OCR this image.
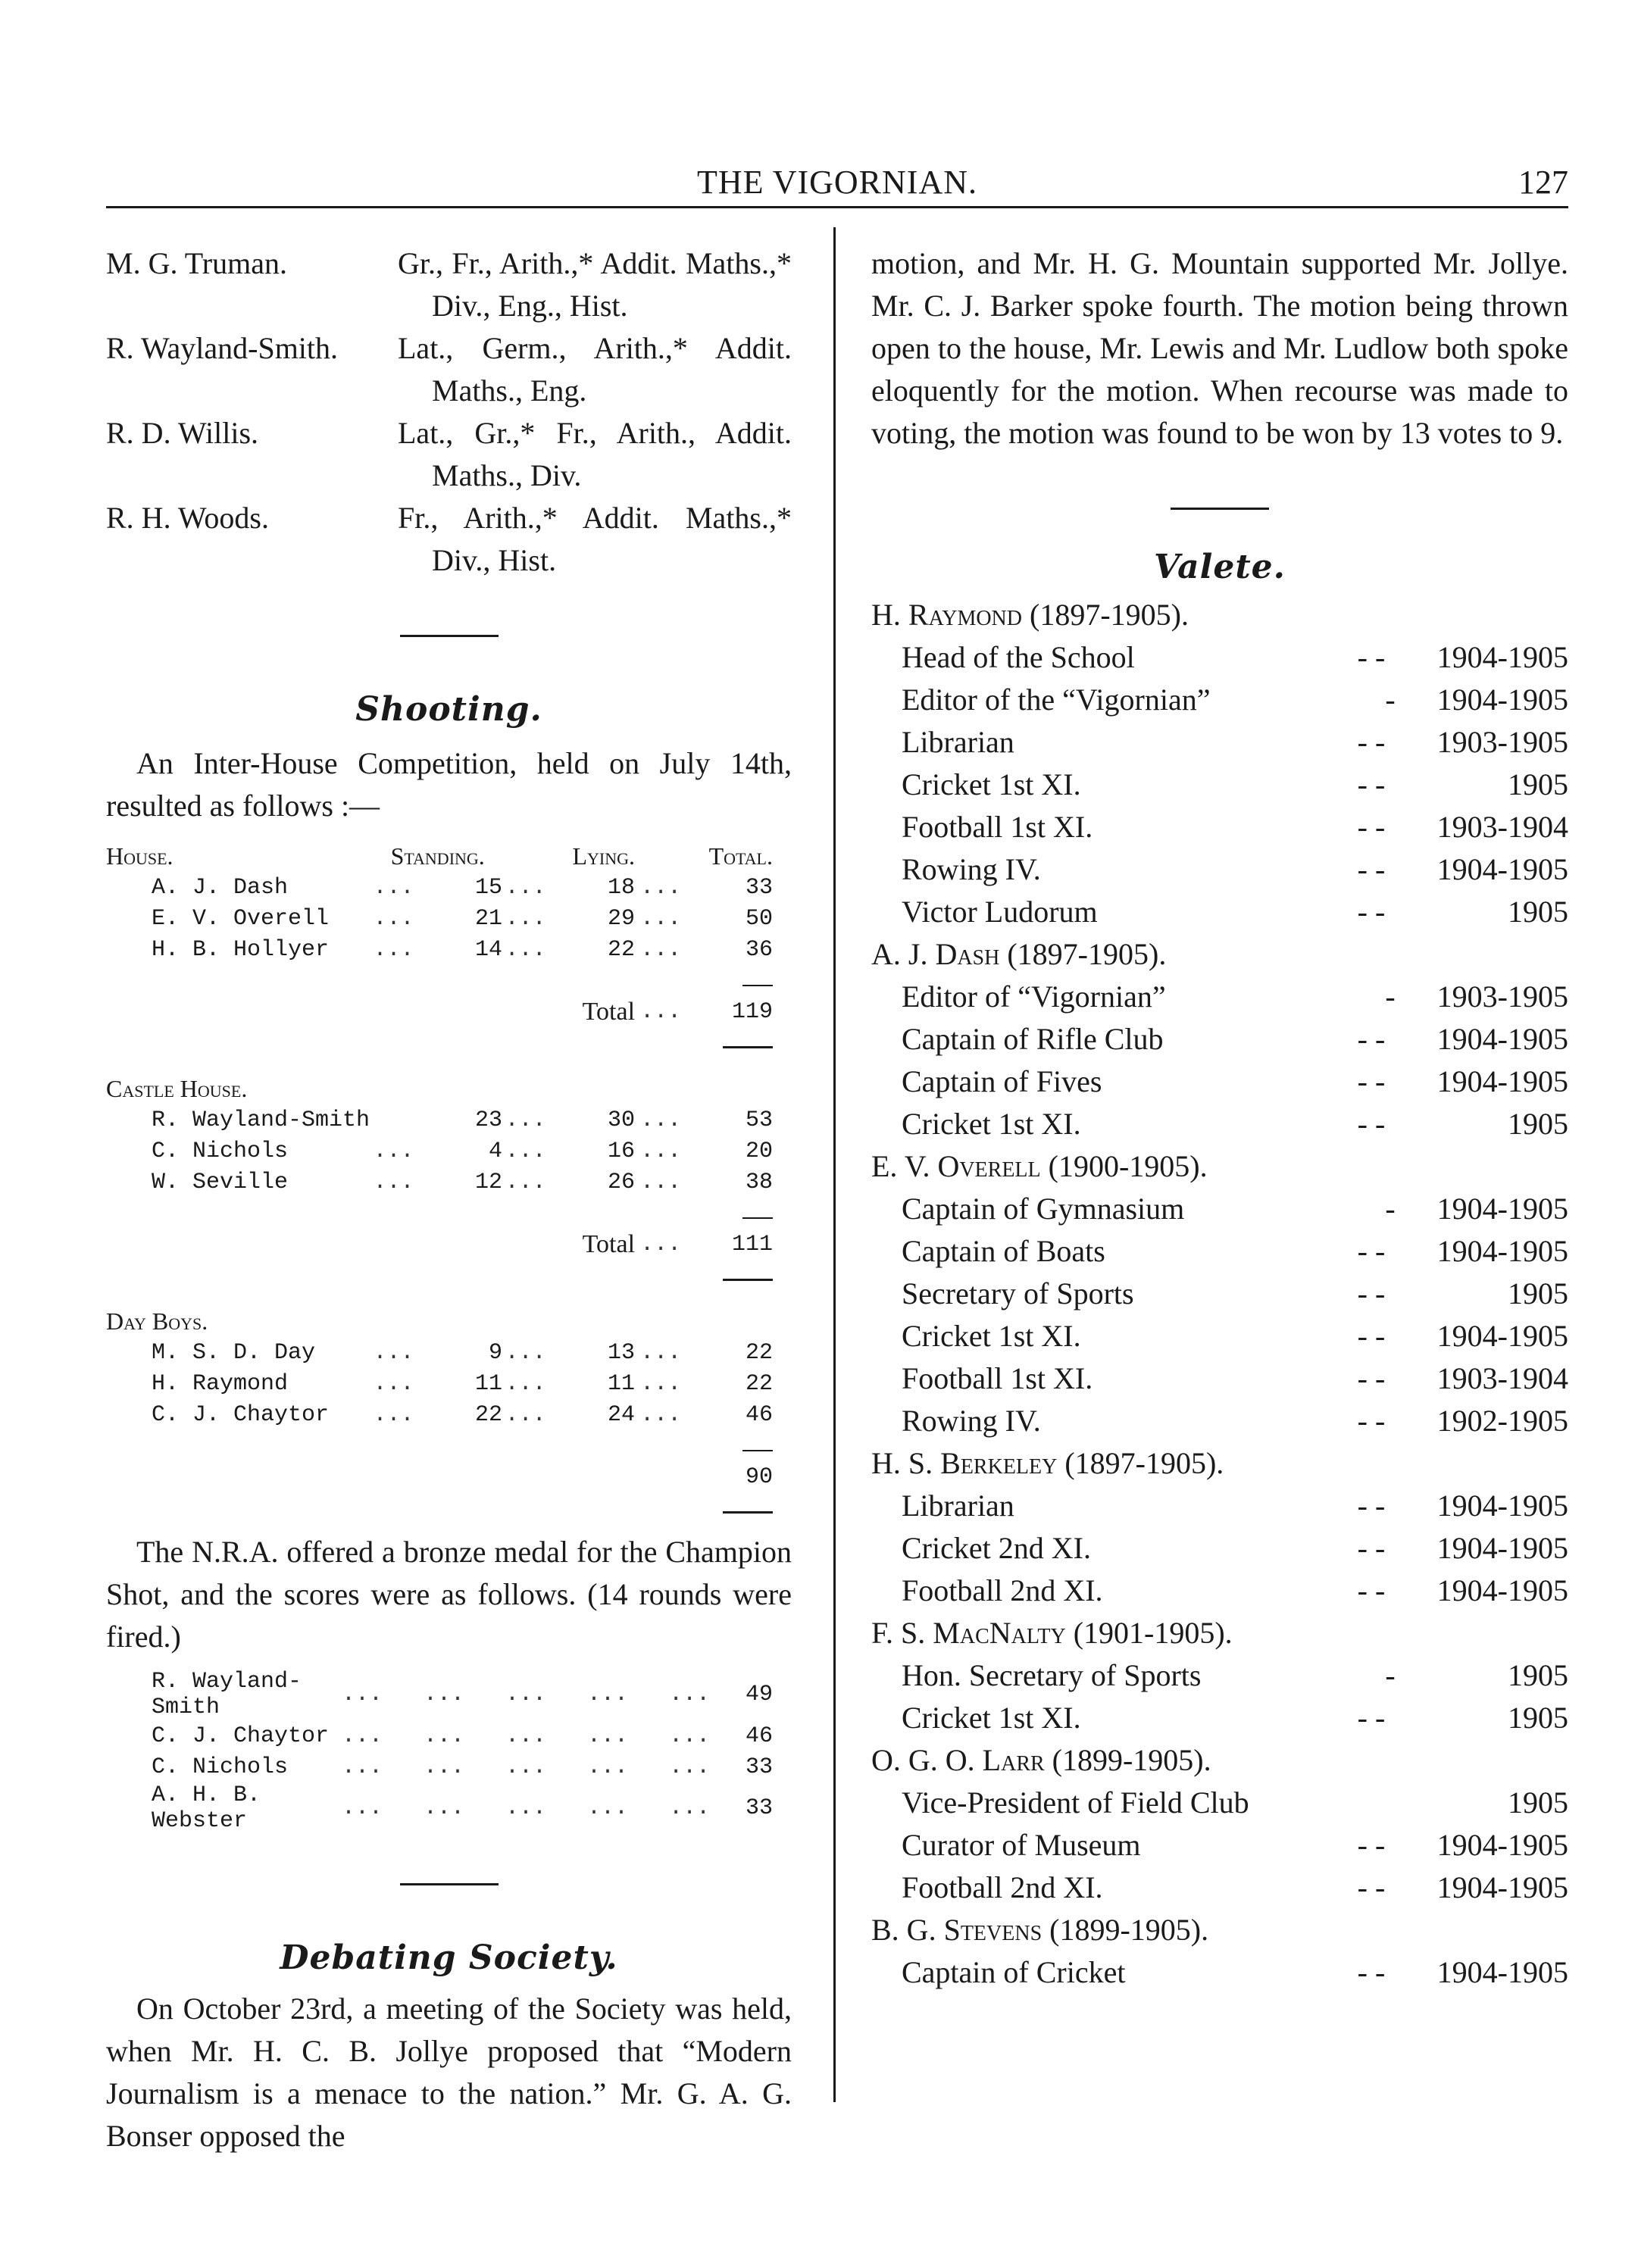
THE VIGORNIAN.	127
M. G. Truman.	Gr., Fr., Arith.,* Addit. Maths.,* Div., Eng., Hist.
R. Wayland-Smith.	Lat., Germ., Arith.,* Addit. Maths., Eng.
R. D. Willis.	Lat., Gr.,* Fr., Arith., Addit. Maths., Div.
R. H. Woods.	Fr., Arith.,* Addit. Maths.,* Div., Hist.
Shooting.
An Inter-House Competition, held on July 14th, resulted as follows :—
House.	Standing.		Lying.			Total.
A. J. Dash	...	15	...	18	...	33
E. V. Overell	...	21	...	29	...	50
H. B. Hollyer	...	14	...	22	...	36

				Total	...	119

Castle House.						
R. Wayland-Smith		23	...	30	...	53
C. Nichols	...	4	...	16	...	20
W. Seville	...	12	...	26	...	38

				Total	...	111

Day Boys.						
M. S. D. Day	...	9	...	13	...	22
H. Raymond	...	11	...	11	...	22
C. J. Chaytor	...	22	...	24	...	46

						90

The N.R.A. offered a bronze medal for the Champion Shot, and the scores were as follows. (14 rounds were fired.)
R. Wayland-Smith	...   ...   ...   ...   ...	49
C. J. Chaytor	...   ...   ...   ...   ...	46
C. Nichols	...   ...   ...   ...   ...	33
A. H. B. Webster	...   ...   ...   ...   ...	33
Debating Society.
On October 23rd, a meeting of the Society was held, when Mr. H. C. B. Jollye proposed that “Modern Journalism is a menace to the nation.” Mr. G. A. G. Bonser opposed the
motion, and Mr. H. G. Mountain supported Mr. Jollye. Mr. C. J. Barker spoke fourth. The motion being thrown open to the house, Mr. Lewis and Mr. Ludlow both spoke eloquently for the motion. When recourse was made to voting, the motion was found to be won by 13 votes to 9.
Valete.
H. Raymond (1897-1905).
Head of the School	- -	1904-1905
Editor of the “Vigornian”	-	1904-1905
Librarian	- -	1903-1905
Cricket 1st XI.	- -	1905
Football 1st XI.	- -	1903-1904
Rowing IV.	- -	1904-1905
Victor Ludorum	- -	1905
A. J. Dash (1897-1905).
Editor of “Vigornian”	-	1903-1905
Captain of Rifle Club	- -	1904-1905
Captain of Fives	- -	1904-1905
Cricket 1st XI.	- -	1905
E. V. Overell (1900-1905).
Captain of Gymnasium	-	1904-1905
Captain of Boats	- -	1904-1905
Secretary of Sports	- -	1905
Cricket 1st XI.	- -	1904-1905
Football 1st XI.	- -	1903-1904
Rowing IV.	- -	1902-1905
H. S. Berkeley (1897-1905).
Librarian	- -	1904-1905
Cricket 2nd XI.	- -	1904-1905
Football 2nd XI.	- -	1904-1905
F. S. MacNalty (1901-1905).
Hon. Secretary of Sports	-	1905
Cricket 1st XI.	- -	1905
O. G. O. Larr (1899-1905).
Vice-President of Field Club	1905
Curator of Museum	- -	1904-1905
Football 2nd XI.	- -	1904-1905
B. G. Stevens (1899-1905).
Captain of Cricket	- -	1904-1905
